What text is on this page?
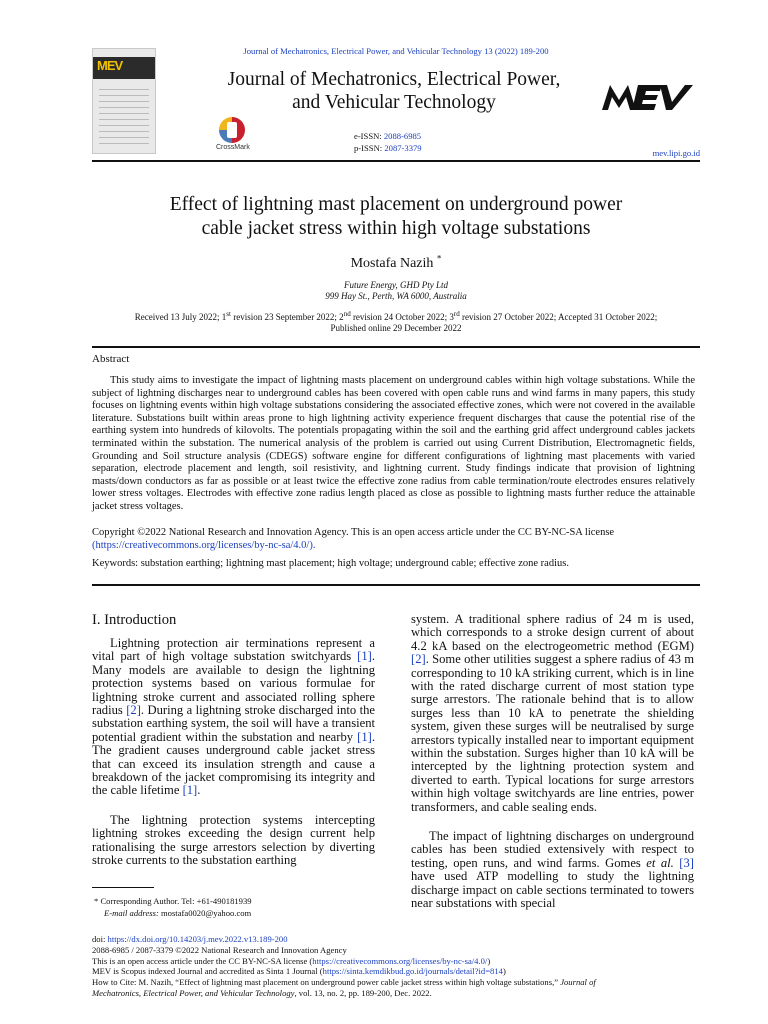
Journal of Mechatronics, Electrical Power, and Vehicular Technology 13 (2022) 189-200
MEV
Journal of Mechatronics, Electrical Power,
and Vehicular Technology
CrossMark
e-ISSN: 2088-6985
p-ISSN: 2087-3379	mev.lipi.go.id
Effect of lightning mast placement on underground power
cable jacket stress within high voltage substations
Mostafa Nazih *
Future Energy, GHD Pty Ltd
999 Hay St., Perth, WA 6000, Australia
Received 13 July 2022; 1st revision 23 September 2022; 2nd revision 24 October 2022; 3rd revision 27 October 2022; Accepted 31 October 2022;
Published online 29 December 2022
Abstract
This study aims to investigate the impact of lightning masts placement on underground cables within high voltage substations. While the subject of lightning discharges near to underground cables has been covered with open cable runs and wind farms in many papers, this study focuses on lightning events within high voltage substations considering the associated effective zones, which were not covered in the available literature. Substations built within areas prone to high lightning activity experience frequent discharges that cause the potential rise of the earthing system into hundreds of kilovolts. The potentials propagating within the soil and the earthing grid affect underground cables jackets terminated within the substation. The numerical analysis of the problem is carried out using Current Distribution, Electromagnetic fields, Grounding and Soil structure analysis (CDEGS) software engine for different configurations of lightning mast placements with varied separation, electrode placement and length, soil resistivity, and lightning current. Study findings indicate that provision of lightning masts/down conductors as far as possible or at least twice the effective zone radius from cable termination/route electrodes ensures relatively lower stress voltages. Electrodes with effective zone radius length placed as close as possible to lightning masts further reduce the attainable jacket stress voltages.
Copyright ©2022 National Research and Innovation Agency. This is an open access article under the CC BY-NC-SA license
(https://creativecommons.org/licenses/by-nc-sa/4.0/).
Keywords: substation earthing; lightning mast placement; high voltage; underground cable; effective zone radius.
I. Introduction
Lightning protection air terminations represent a vital part of high voltage substation switchyards [1]. Many models are available to design the lightning protection systems based on various formulae for lightning stroke current and associated rolling sphere radius [2]. During a lightning stroke discharged into the substation earthing system, the soil will have a transient potential gradient within the substation and nearby [1]. The gradient causes underground cable jacket stress that can exceed its insulation strength and cause a breakdown of the jacket compromising its integrity and the cable lifetime [1].
The lightning protection systems intercepting lightning strokes exceeding the design current help rationalising the surge arrestors selection by diverting stroke currents to the substation earthing
* Corresponding Author. Tel: +61-490181939
E-mail address: mostafa0020@yahoo.com
system. A traditional sphere radius of 24 m is used, which corresponds to a stroke design current of about 4.2 kA based on the electrogeometric method (EGM) [2]. Some other utilities suggest a sphere radius of 43 m corresponding to 10 kA striking current, which is in line with the rated discharge current of most station type surge arrestors. The rationale behind that is to allow surges less than 10 kA to penetrate the shielding system, given these surges will be neutralised by surge arrestors typically installed near to important equipment within the substation. Surges higher than 10 kA will be intercepted by the lightning protection system and diverted to earth. Typical locations for surge arrestors within high voltage switchyards are line entries, power transformers, and cable sealing ends.
The impact of lightning discharges on underground cables has been studied extensively with respect to testing, open runs, and wind farms. Gomes et al. [3] have used ATP modelling to study the lightning discharge impact on cable sections terminated to towers near substations with special
doi: https://dx.doi.org/10.14203/j.mev.2022.v13.189-200
2088-6985 / 2087-3379 ©2022 National Research and Innovation Agency
This is an open access article under the CC BY-NC-SA license (https://creativecommons.org/licenses/by-nc-sa/4.0/)
MEV is Scopus indexed Journal and accredited as Sinta 1 Journal (https://sinta.kemdikbud.go.id/journals/detail?id=814)
How to Cite: M. Nazih, “Effect of lightning mast placement on underground power cable jacket stress within high voltage substations,” Journal of
Mechatronics, Electrical Power, and Vehicular Technology, vol. 13, no. 2, pp. 189-200, Dec. 2022.
